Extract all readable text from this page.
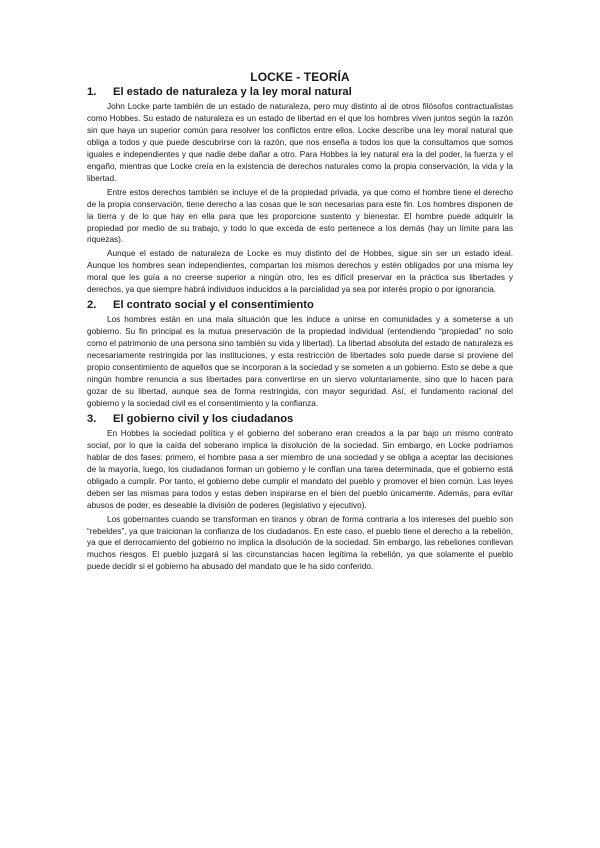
LOCKE - TEORÍA
1.	El estado de naturaleza y la ley moral natural

John Locke parte también de un estado de naturaleza, pero muy distinto al de otros filósofos contractualistas como Hobbes. Su estado de naturaleza es un estado de libertad en el que los hombres viven juntos según la razón sin que haya un superior común para resolver los conflictos entre ellos. Locke describe una ley moral natural que obliga a todos y que puede descubrirse con la razón, que nos enseña a todos los que la consultamos que somos iguales e independientes y que nadie debe dañar a otro. Para Hobbes la ley natural era la del poder, la fuerza y el engaño, mientras que Locke creía en la existencia de derechos naturales como la propia conservación, la vida y la libertad.

Entre estos derechos también se incluye el de la propiedad privada, ya que como el hombre tiene el derecho de la propia conservación, tiene derecho a las cosas que le son necesarias para este fin. Los hombres disponen de la tierra y de lo que hay en ella para que les proporcione sustento y bienestar. El hombre puede adquirir la propiedad por medio de su trabajo, y todo lo que exceda de esto pertenece a los demás (hay un límite para las riquezas).

Aunque el estado de naturaleza de Locke es muy distinto del de Hobbes, sigue sin ser un estado ideal. Aunque los hombres sean independientes, compartan los mismos derechos y estén obligados por una misma ley moral que les guía a no creerse superior a ningún otro, les es difícil preservar en la práctica sus libertades y derechos, ya que siempre habrá individuos inducidos a la parcialidad ya sea por interés propio o por ignorancia.

2.	El contrato social y el consentimiento

Los hombres están en una mala situación que les induce a unirse en comunidades y a someterse a un gobierno. Su fin principal es la mutua preservación de la propiedad individual (entendiendo “propiedad” no solo como el patrimonio de una persona sino también su vida y libertad). La libertad absoluta del estado de naturaleza es necesariamente restringida por las instituciones, y esta restricción de libertades solo puede darse si proviene del propio consentimiento de aquellos que se incorporan a la sociedad y se someten a un gobierno. Esto se debe a que ningún hombre renuncia a sus libertades para convertirse en un siervo voluntariamente, sino que lo hacen para gozar de su libertad, aunque sea de forma restringida, con mayor seguridad. Así, el fundamento racional del gobierno y la sociedad civil es el consentimiento y la confianza.

3.	El gobierno civil y los ciudadanos

En Hobbes la sociedad política y el gobierno del soberano eran creados a la par bajo un mismo contrato social, por lo que la caída del soberano implica la disolución de la sociedad. Sin embargo, en Locke podríamos hablar de dos fases: primero, el hombre pasa a ser miembro de una sociedad y se obliga a aceptar las decisiones de la mayoría, luego, los ciudadanos forman un gobierno y le confían una tarea determinada, que el gobierno está obligado a cumplir. Por tanto, el gobierno debe cumplir el mandato del pueblo y promover el bien común. Las leyes deben ser las mismas para todos y estas deben inspirarse en el bien del pueblo únicamente. Además, para evitar abusos de poder, es deseable la división de poderes (legislativo y ejecutivo).

Los gobernantes cuando se transforman en tiranos y obran de forma contraria a los intereses del pueblo son “rebeldes”, ya que traicionan la confianza de los ciudadanos. En este caso, el pueblo tiene el derecho a la rebelión, ya que el derrocamiento del gobierno no implica la disolución de la sociedad. Sin embargo, las rebeliones conllevan muchos riesgos. El pueblo juzgará si las circunstancias hacen legítima la rebelión, ya que solamente el pueblo puede decidir si el gobierno ha abusado del mandato que le ha sido conferido.
